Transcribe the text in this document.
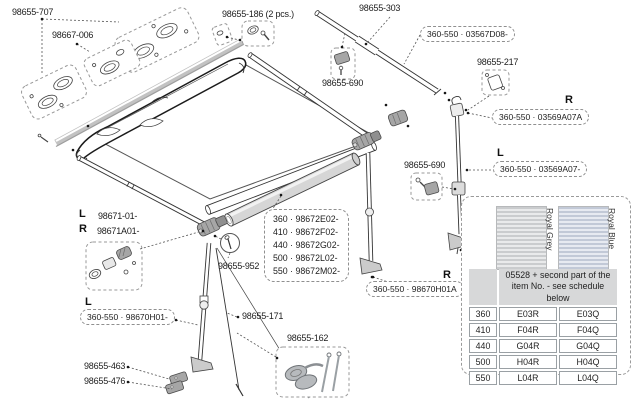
98655-707
98667-006
98655-186 (2 pcs.)
98655-303
98655-690
98655-217
98655-690
98655-952
98655-171
98655-463
98655-476
98655-162
L 98671-01-
R 98671A01-
L
R
L
R
360-550 · 03567D08-
360-550 · 03569A07A
360-550 · 03569A07-
360-550 · 98670H01A
360-550 · 98670H01-
360 · 98672E02-
410 · 98672F02-
440 · 98672G02-
500 · 98672L02-
550 · 98672M02-
Royal Grey	Royal Blue
	05528 + second part of the item No. - see schedule below	
360	E03R	E03Q
410	F04R	F04Q
440	G04R	G04Q
500	H04R	H04Q
550	L04R	L04Q
